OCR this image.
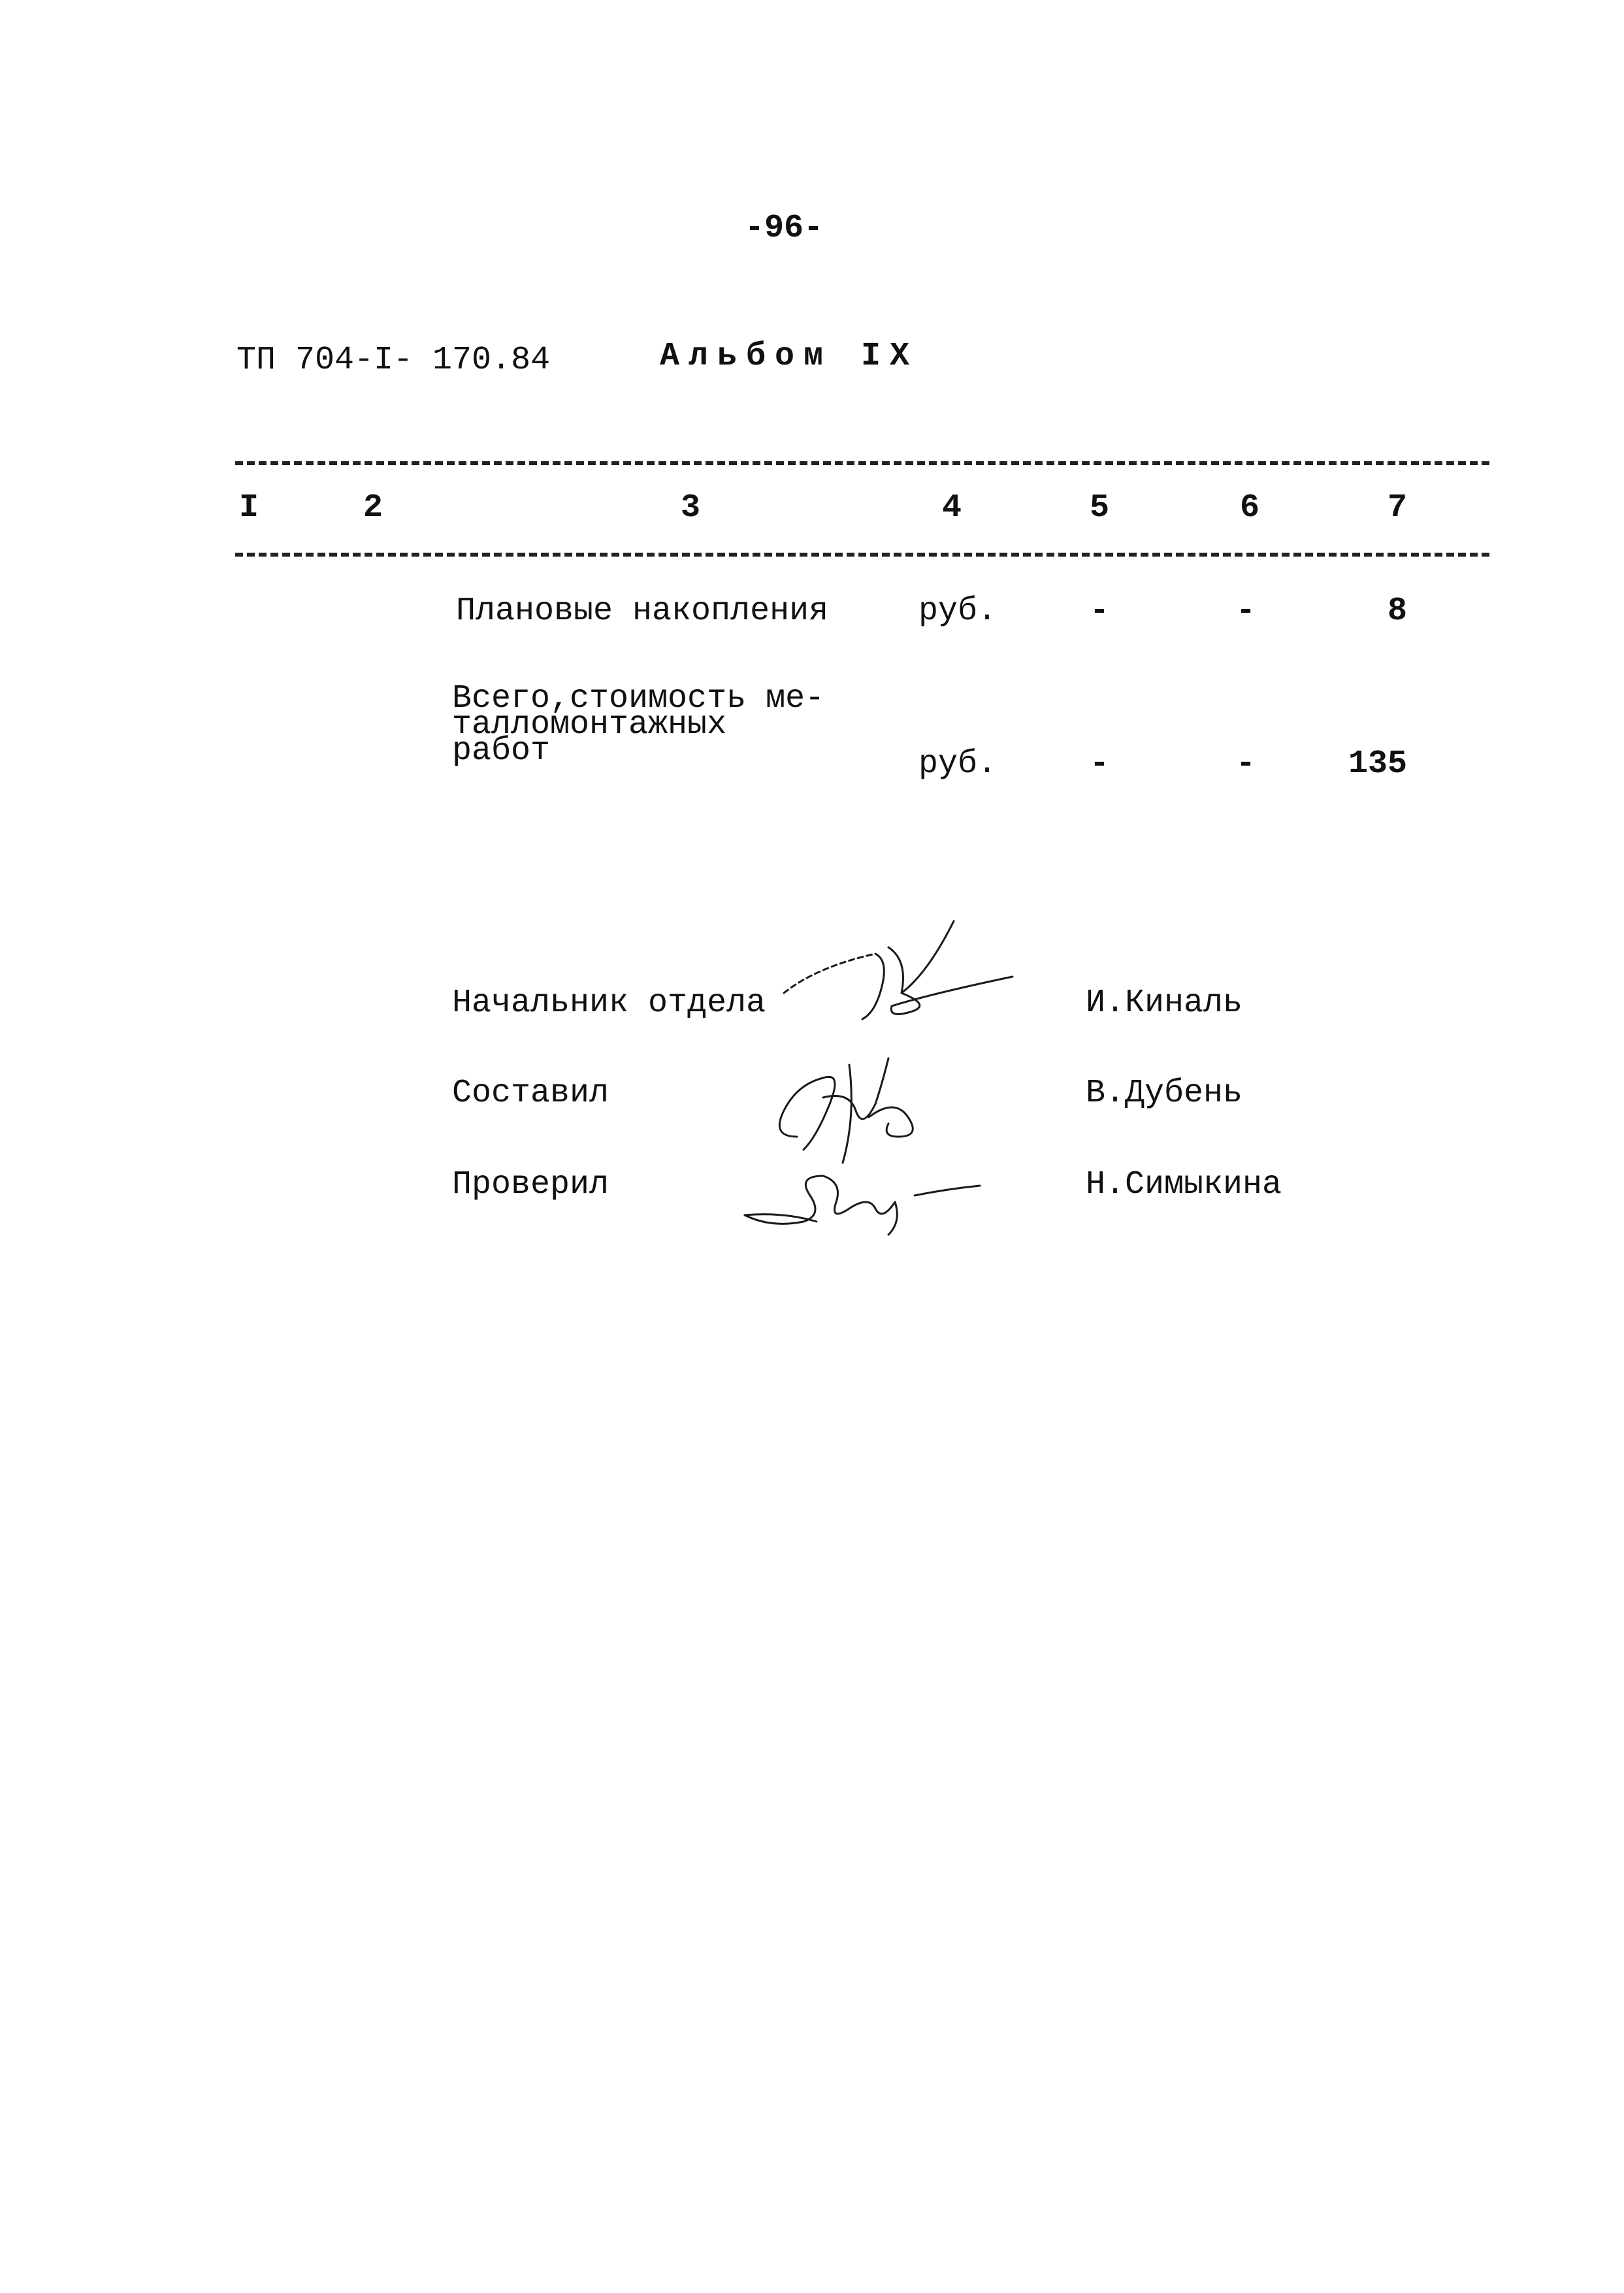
-96-
ТП 704-I- 170.84	Альбом IX
I	2	3	4	5	6	7
Плановые накопления	руб.	-	-	8
Всего,стоимость ме-
талломонтажных
работ	руб.	-	-	135
Начальник отдела	И.Киналь
Составил	В.Дубень
Проверил	Н.Симыкина
